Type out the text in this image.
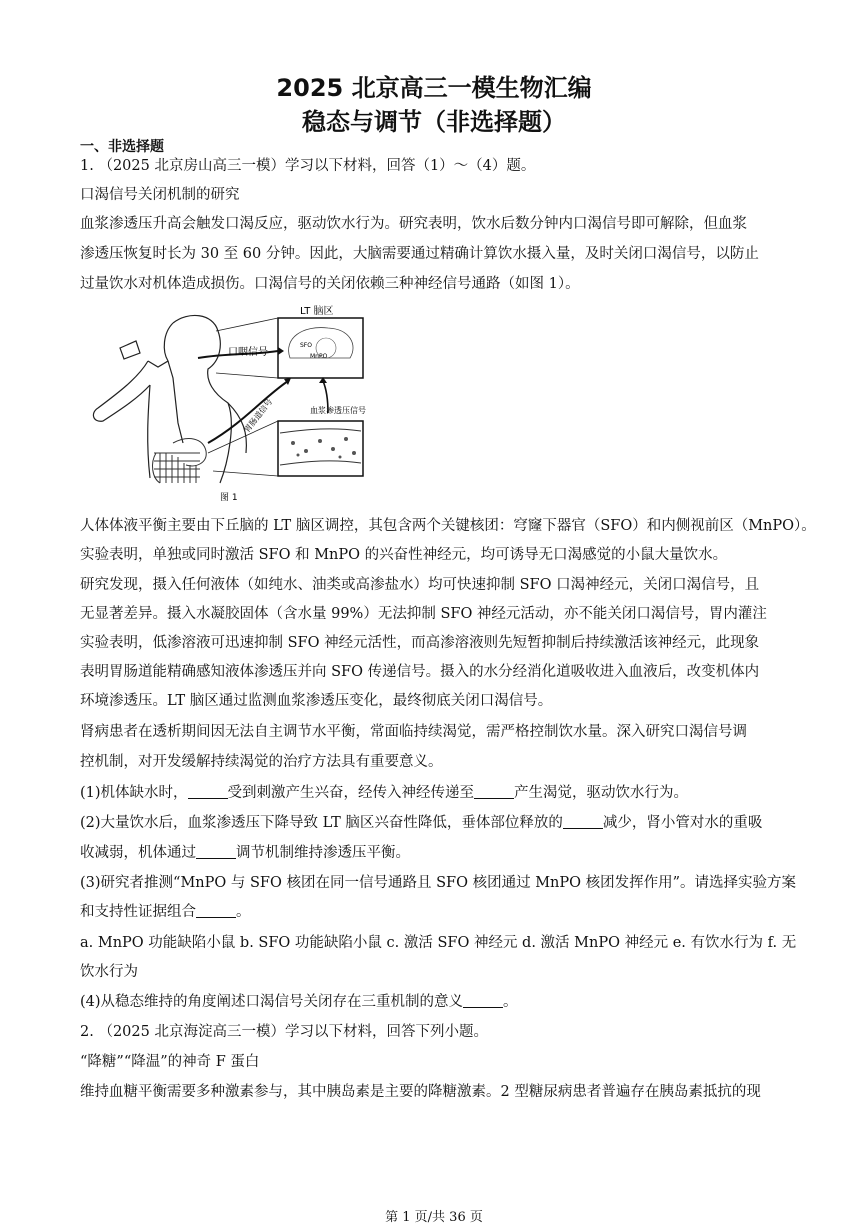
2025 北京高三一模生物汇编
稳态与调节（非选择题）
一、非选择题
1. （2025 北京房山高三一模）学习以下材料，回答（1）～（4）题。
口渴信号关闭机制的研究
血浆渗透压升高会触发口渴反应，驱动饮水行为。研究表明，饮水后数分钟内口渴信号即可解除，但血浆
渗透压恢复时长为 30 至 60 分钟。因此，大脑需要通过精确计算饮水摄入量，及时关闭口渴信号，以防止
过量饮水对机体造成损伤。口渴信号的关闭依赖三种神经信号通路（如图 1）。
LT 脑区
SFO
MnPO
口咽信号
胃肠道信号	血浆渗透压信号
图 1
人体体液平衡主要由下丘脑的 LT 脑区调控，其包含两个关键核团：穹窿下器官（SFO）和内侧视前区（MnPO）。
实验表明，单独或同时激活 SFO 和 MnPO 的兴奋性神经元，均可诱导无口渴感觉的小鼠大量饮水。
研究发现，摄入任何液体（如纯水、油类或高渗盐水）均可快速抑制 SFO 口渴神经元，关闭口渴信号，且
无显著差异。摄入水凝胶固体（含水量 99%）无法抑制 SFO 神经元活动，亦不能关闭口渴信号，胃内灌注
实验表明，低渗溶液可迅速抑制 SFO 神经元活性，而高渗溶液则先短暂抑制后持续激活该神经元，此现象
表明胃肠道能精确感知液体渗透压并向 SFO 传递信号。摄入的水分经消化道吸收进入血液后，改变机体内
环境渗透压。LT 脑区通过监测血浆渗透压变化，最终彻底关闭口渴信号。
肾病患者在透析期间因无法自主调节水平衡，常面临持续渴觉，需严格控制饮水量。深入研究口渴信号调
控机制，对开发缓解持续渴觉的治疗方法具有重要意义。
(1)机体缺水时，	受到刺激产生兴奋，经传入神经传递至	产生渴觉，驱动饮水行为。
(2)大量饮水后，血浆渗透压下降导致 LT 脑区兴奋性降低，垂体部位释放的	减少，肾小管对水的重吸
收减弱，机体通过	调节机制维持渗透压平衡。
(3)研究者推测“MnPO 与 SFO 核团在同一信号通路且 SFO 核团通过 MnPO 核团发挥作用”。请选择实验方案
和支持性证据组合	。
a. MnPO 功能缺陷小鼠 b. SFO 功能缺陷小鼠 c. 激活 SFO 神经元 d. 激活 MnPO 神经元 e. 有饮水行为 f. 无
饮水行为
(4)从稳态维持的角度阐述口渴信号关闭存在三重机制的意义	。
2. （2025 北京海淀高三一模）学习以下材料，回答下列小题。
“降糖”“降温”的神奇 F 蛋白
维持血糖平衡需要多种激素参与，其中胰岛素是主要的降糖激素。2 型糖尿病患者普遍存在胰岛素抵抗的现
第 1 页/共 36 页
